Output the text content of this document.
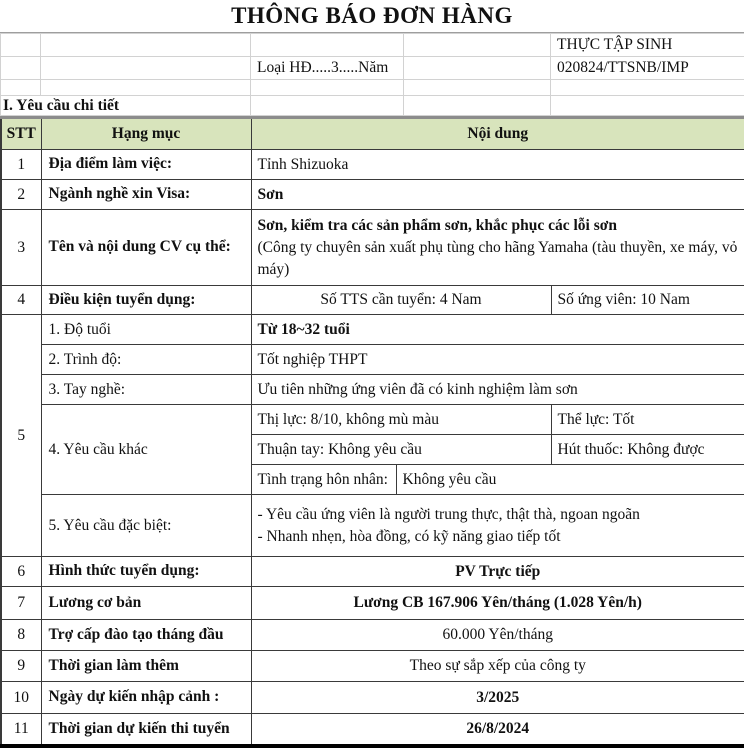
THÔNG BÁO ĐƠN HÀNG
				THỰC TẬP SINH
		Loại HĐ.....3.....Năm		020824/TTSNB/IMP

I. Yêu cầu chi tiết				
STT	Hạng mục	Nội dung		
1	Địa điểm làm việc:	Tỉnh Shizuoka		
2	Ngành nghề xin Visa:	Sơn		
3	Tên và nội dung CV cụ thể:	Sơn, kiểm tra các sản phẩm sơn, khắc phục các lỗi sơn
(Công ty chuyên sản xuất phụ tùng cho hãng Yamaha (tàu thuyền, xe máy, vỏ máy)		

4	Điều kiện tuyển dụng:	Số TTS cần tuyển: 4 Nam		Số ứng viên: 10 Nam
5	1. Độ tuổi	Từ 18~32 tuổi		
	2. Trình độ:	Tốt nghiệp THPT		
	3. Tay nghề:	Ưu tiên những ứng viên đã có kinh nghiệm làm sơn		
	4. Yêu cầu khác	Thị lực: 8/10, không mù màu		Thể lực: Tốt
		Thuận tay: Không yêu cầu		Hút thuốc: Không được
		Tình trạng hôn nhân:	Không yêu cầu	
	5. Yêu cầu đặc biệt:	- Yêu cầu ứng viên là người trung thực, thật thà, ngoan ngoãn
- Nhanh nhẹn, hòa đồng, có kỹ năng giao tiếp tốt		

6	Hình thức tuyển dụng:	PV Trực tiếp		
7	Lương cơ bản	Lương CB 167.906 Yên/tháng (1.028 Yên/h)		
8	Trợ cấp đào tạo tháng đầu	60.000 Yên/tháng		
9	Thời gian làm thêm	Theo sự sắp xếp của công ty		
10	Ngày dự kiến nhập cảnh :	3/2025		
11	Thời gian dự kiến thi tuyển	26/8/2024		
